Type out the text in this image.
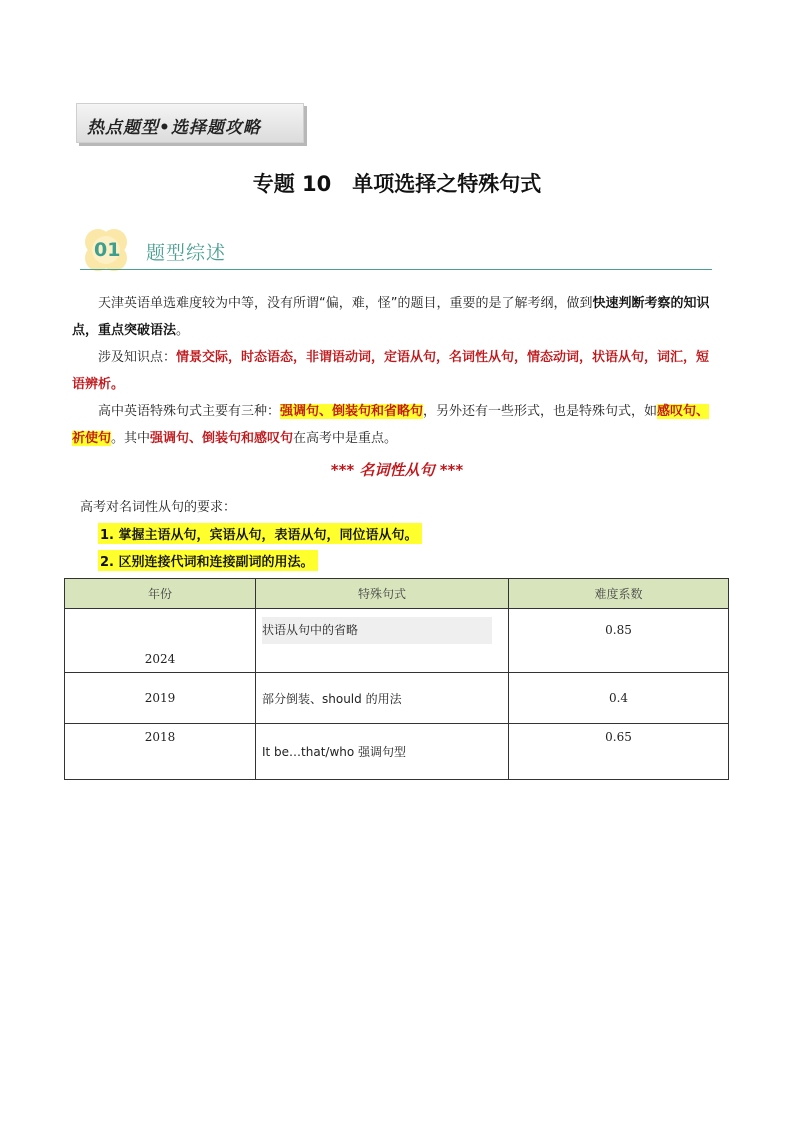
热点题型•选择题攻略
专题 10　单项选择之特殊句式
01 题型综述
天津英语单选难度较为中等，没有所谓“偏，难，怪”的题目，重要的是了解考纲，做到快速判断考察的知识点，重点突破语法。
涉及知识点：情景交际，时态语态，非谓语动词，定语从句，名词性从句，情态动词，状语从句，词汇，短语辨析。
高中英语特殊句式主要有三种：强调句、倒装句和省略句，另外还有一些形式，也是特殊句式，如感叹句、祈使句。其中强调句、倒装句和感叹句在高考中是重点。
*** 名词性从句 ***
高考对名词性从句的要求：
1. 掌握主语从句，宾语从句，表语从句，同位语从句。
2. 区别连接代词和连接副词的用法。
年份	特殊句式	难度系数
2024	状语从句中的省略	0.85
2019	部分倒装、should 的用法	0.4
2018	It be…that/who 强调句型	0.65
